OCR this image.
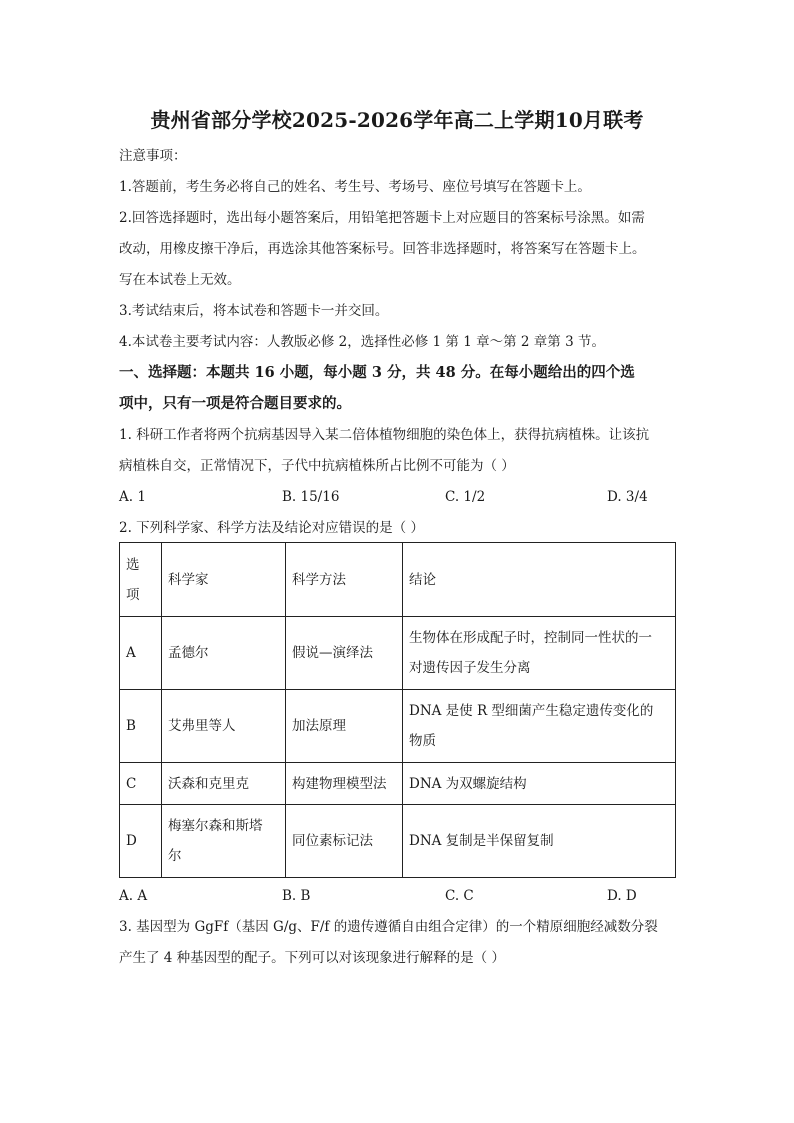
贵州省部分学校2025-2026学年高二上学期10月联考
注意事项：
1.答题前，考生务必将自己的姓名、考生号、考场号、座位号填写在答题卡上。
2.回答选择题时，选出每小题答案后，用铅笔把答题卡上对应题目的答案标号涂黑。如需
改动，用橡皮擦干净后，再选涂其他答案标号。回答非选择题时，将答案写在答题卡上。
写在本试卷上无效。
3.考试结束后，将本试卷和答题卡一并交回。
4.本试卷主要考试内容：人教版必修 2，选择性必修 1 第 1 章～第 2 章第 3 节。
一、选择题：本题共 16 小题，每小题 3 分，共 48 分。在每小题给出的四个选
项中，只有一项是符合题目要求的。
1. 科研工作者将两个抗病基因导入某二倍体植物细胞的染色体上，获得抗病植株。让该抗
病植株自交，正常情况下，子代中抗病植株所占比例不可能为（ ）
A. 1	B. 15/16	C. 1/2	D. 3/4
2. 下列科学家、科学方法及结论对应错误的是（ ）
选
项	科学家	科学方法	结论
A	孟德尔	假说—演绎法	生物体在形成配子时，控制同一性状的一
对遗传因子发生分离

B	艾弗里等人	加法原理	DNA 是使 R 型细菌产生稳定遗传变化的
物质

C	沃森和克里克	构建物理模型法	DNA 为双螺旋结构
D	梅塞尔森和斯塔
尔	同位素标记法	DNA 复制是半保留复制
A. A	B. B	C. C	D. D
3. 基因型为 GgFf（基因 G/g、F/f 的遗传遵循自由组合定律）的一个精原细胞经减数分裂
产生了 4 种基因型的配子。下列可以对该现象进行解释的是（ ）
